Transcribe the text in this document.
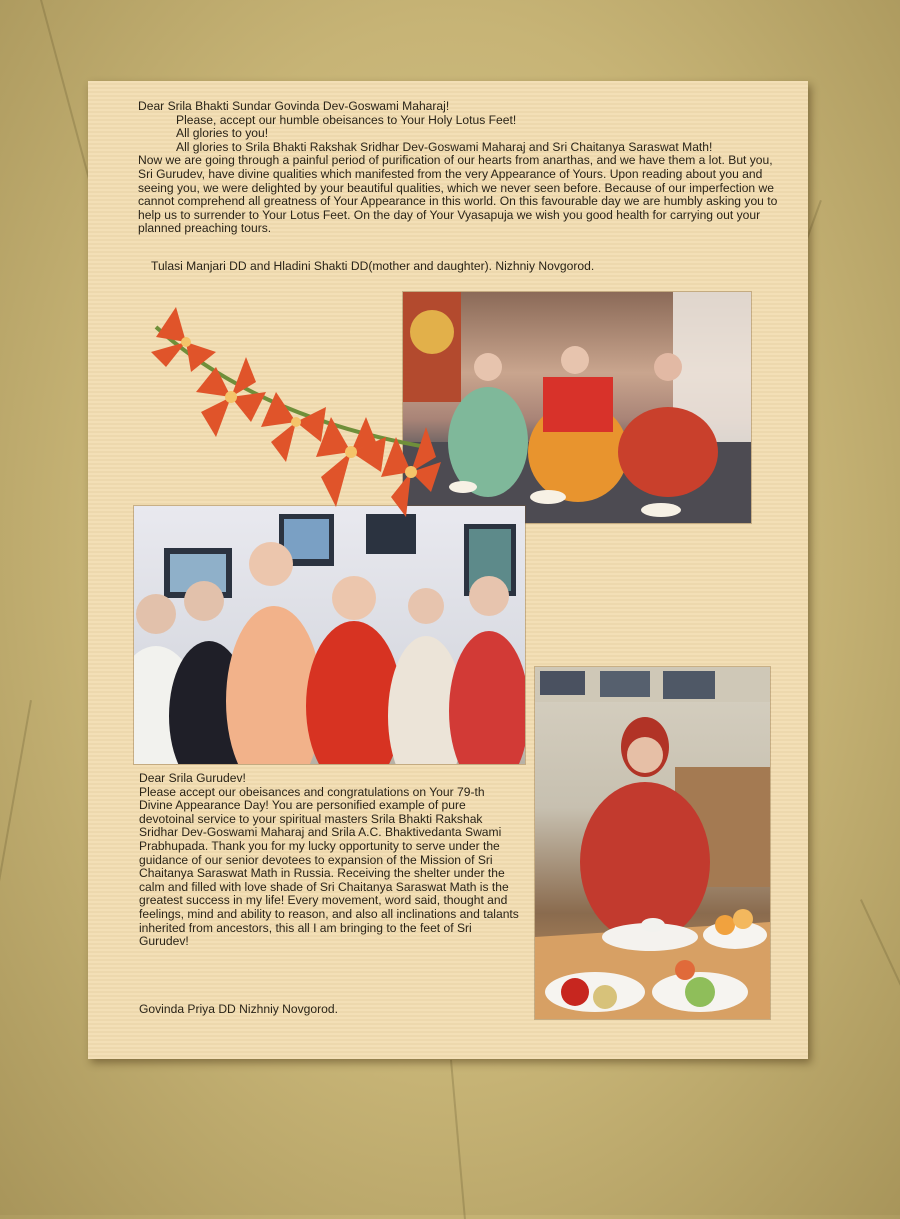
Dear Srila Bhakti Sundar Govinda Dev-Goswami Maharaj!

Please, accept our humble obeisances to Your Holy Lotus Feet!

All glories to you!

All glories to Srila Bhakti Rakshak Sridhar Dev-Goswami Maharaj and Sri Chaitanya Saraswat Math!

Now we are going through a painful period of purification of our hearts from anarthas, and we have them a lot. But you, Sri Gurudev, have divine qualities which manifested from the very Appearance of Yours. Upon reading about you and seeing you, we were delighted by your beautiful qualities, which we never seen before. Because of our imperfection we cannot comprehend all greatness of Your Appearance in this world. On this favourable day we are humbly asking you to help us to surrender to Your Lotus Feet. On the day of Your Vyasapuja we wish you good health for carrying out your planned preaching tours.

Tulasi Manjari DD and Hladini Shakti DD(mother and daughter). Nizhniy Novgorod.

Dear Srila Gurudev!

Please accept our obeisances and congratulations on Your 79-th Divine Appearance Day! You are personified example of pure devotoinal service to your spiritual masters Srila Bhakti Rakshak Sridhar Dev-Goswami Maharaj and Srila A.C. Bhaktivedanta Swami Prabhupada. Thank you for my lucky opportunity to serve under the guidance of our senior devotees to expansion of the Mission of Sri Chaitanya Saraswat Math in Russia. Receiving the shelter under the calm and filled with love shade of Sri Chaitanya Saraswat Math is the greatest success in my life! Every movement, word said, thought and feelings, mind and ability to reason, and also all inclinations and talants inherited from ancestors, this all I am bringing to the feet of Sri Gurudev!

Govinda Priya DD Nizhniy Novgorod.
